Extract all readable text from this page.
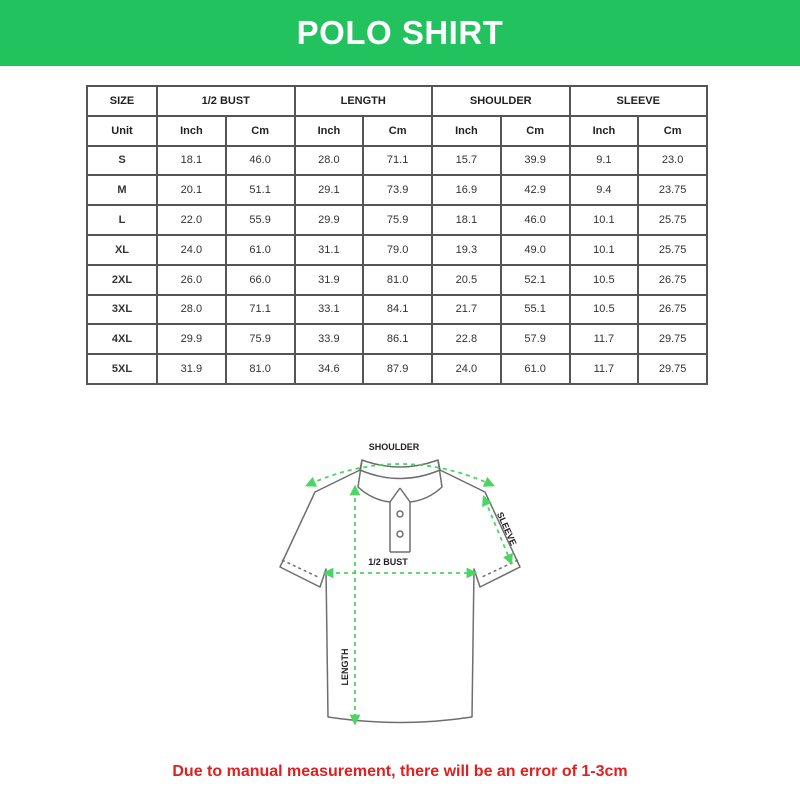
POLO SHIRT
SIZE	1/2 BUST		LENGTH		SHOULDER		SLEEVE	
Unit	Inch	Cm	Inch	Cm	Inch	Cm	Inch	Cm
S	18.1	46.0	28.0	71.1	15.7	39.9	9.1	23.0
M	20.1	51.1	29.1	73.9	16.9	42.9	9.4	23.75
L	22.0	55.9	29.9	75.9	18.1	46.0	10.1	25.75
XL	24.0	61.0	31.1	79.0	19.3	49.0	10.1	25.75
2XL	26.0	66.0	31.9	81.0	20.5	52.1	10.5	26.75
3XL	28.0	71.1	33.1	84.1	21.7	55.1	10.5	26.75
4XL	29.9	75.9	33.9	86.1	22.8	57.9	11.7	29.75
5XL	31.9	81.0	34.6	87.9	24.0	61.0	11.7	29.75
SHOULDER
SLEEVE
1/2 BUST
LENGTH
Due to manual measurement, there will be an error of 1-3cm
